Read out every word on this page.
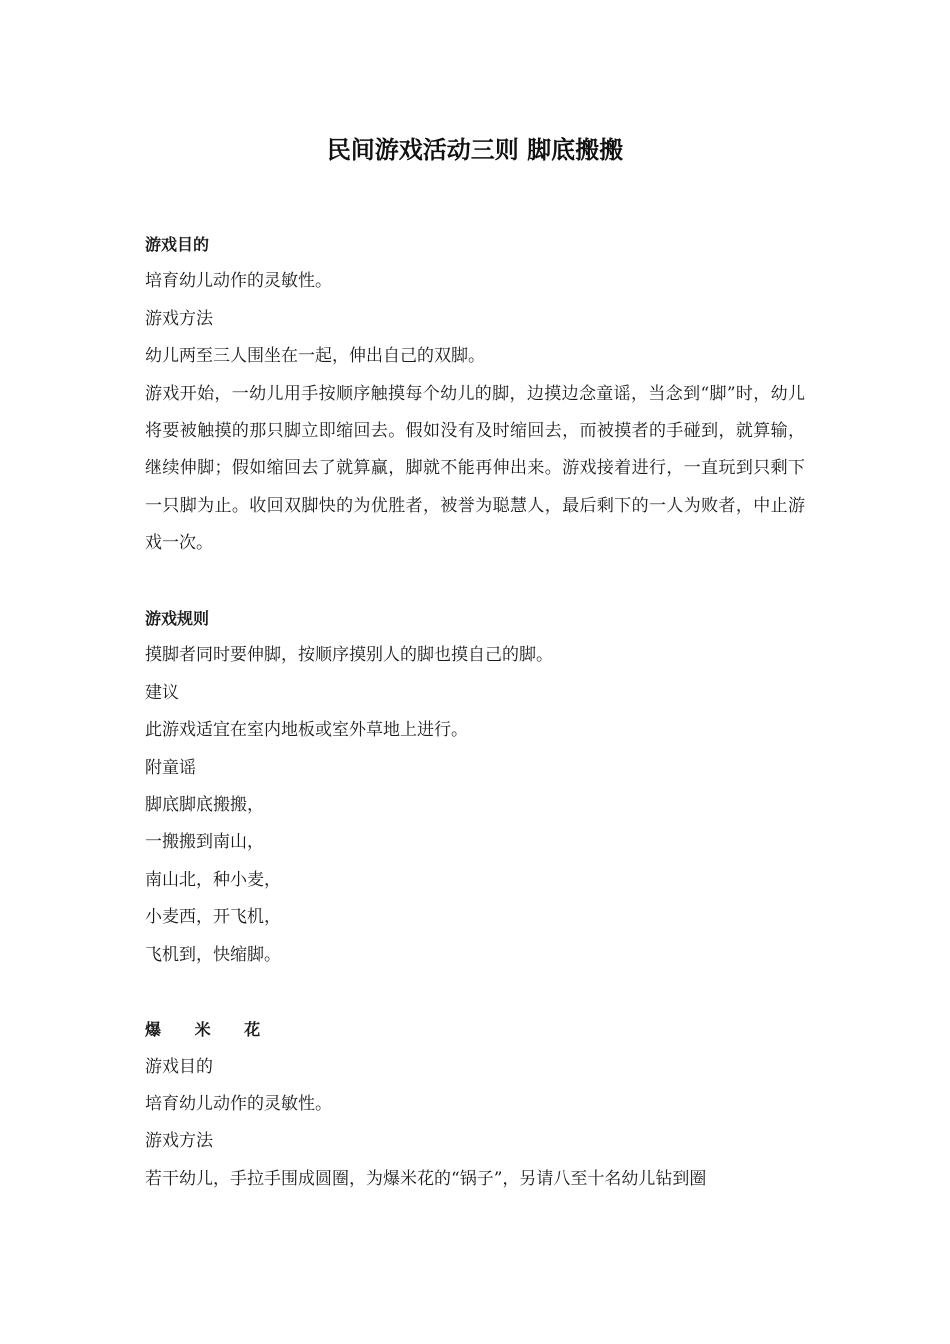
民间游戏活动三则 脚底搬搬
游戏目的
培育幼儿动作的灵敏性。
游戏方法
幼儿两至三人围坐在一起，伸出自己的双脚。
游戏开始，一幼儿用手按顺序触摸每个幼儿的脚，边摸边念童谣，当念到“脚”时，幼儿将要被触摸的那只脚立即缩回去。假如没有及时缩回去，而被摸者的手碰到，就算输，继续伸脚；假如缩回去了就算赢，脚就不能再伸出来。游戏接着进行，一直玩到只剩下一只脚为止。收回双脚快的为优胜者，被誉为聪慧人，最后剩下的一人为败者，中止游戏一次。
游戏规则
摸脚者同时要伸脚，按顺序摸别人的脚也摸自己的脚。
建议
此游戏适宜在室内地板或室外草地上进行。
附童谣
脚底脚底搬搬，
一搬搬到南山，
南山北，种小麦，
小麦西，开飞机，
飞机到，快缩脚。
爆 米 花
游戏目的
培育幼儿动作的灵敏性。
游戏方法
若干幼儿，手拉手围成圆圈，为爆米花的“锅子”，另请八至十名幼儿钻到圈
